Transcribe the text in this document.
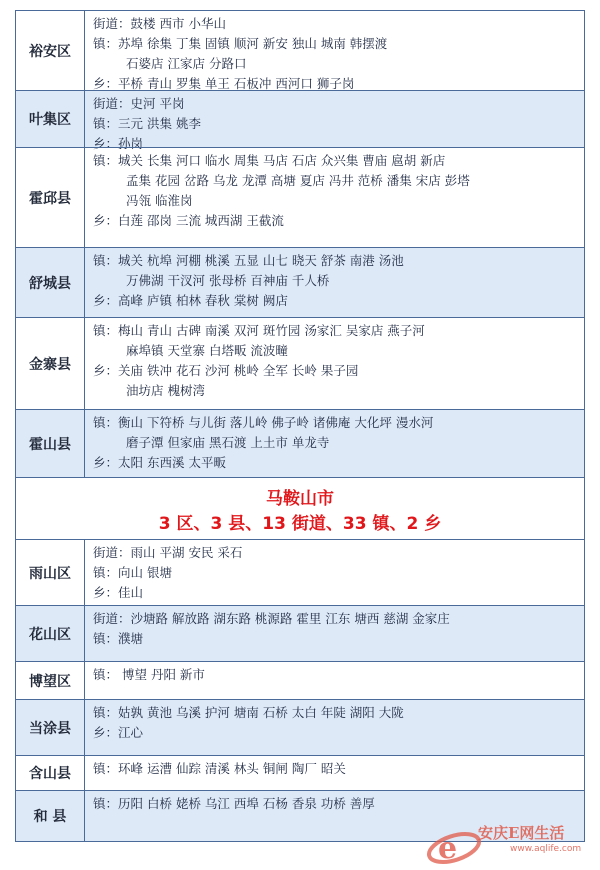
裕安区
街道：鼓楼 西市 小华山
镇：苏埠 徐集 丁集 固镇 顺河 新安 独山 城南 韩摆渡
石婆店 江家店 分路口
乡：平桥 青山 罗集 单王 石板冲 西河口 狮子岗
叶集区
街道：史河 平岗
镇：三元 洪集 姚李
乡：孙岗
霍邱县
镇：城关 长集 河口 临水 周集 马店 石店 众兴集 曹庙 扈胡 新店
孟集 花园 岔路 乌龙 龙潭 高塘 夏店 冯井 范桥 潘集 宋店 彭塔
冯瓴 临淮岗
乡：白莲 邵岗 三流 城西湖 王截流
舒城县
镇：城关 杭埠 河棚 桃溪 五显 山七 晓天 舒茶 南港 汤池
万佛湖 干汊河 张母桥 百神庙 千人桥
乡：高峰 庐镇 柏林 春秋 棠树 阙店
金寨县
镇：梅山 青山 古碑 南溪 双河 斑竹园 汤家汇 吴家店 燕子河
麻埠镇 天堂寨 白塔畈 流波疃
乡：关庙 铁冲 花石 沙河 桃岭 全军 长岭 果子园
油坊店 槐树湾
霍山县
镇：衡山 下符桥 与儿街 落儿岭 佛子岭 诸佛庵 大化坪 漫水河
磨子潭 但家庙 黑石渡 上土市 单龙寺
乡：太阳 东西溪 太平畈
马鞍山市
3 区、3 县、13 街道、33 镇、2 乡
雨山区
街道：雨山 平湖 安民 采石
镇：向山 银塘
乡：佳山
花山区
街道：沙塘路 解放路 湖东路 桃源路 霍里 江东 塘西 慈湖 金家庄
镇：濮塘
博望区	镇： 博望 丹阳 新市
当涂县
镇：姑孰 黄池 乌溪 护河 塘南 石桥 太白 年陡 湖阳 大陇
乡：江心
含山县	镇：环峰 运漕 仙踪 清溪 林头 铜闸 陶厂 昭关
和 县
镇：历阳 白桥 姥桥 乌江 西埠 石杨 香泉 功桥 善厚
e 安庆E网生活
www.aqlife.com
